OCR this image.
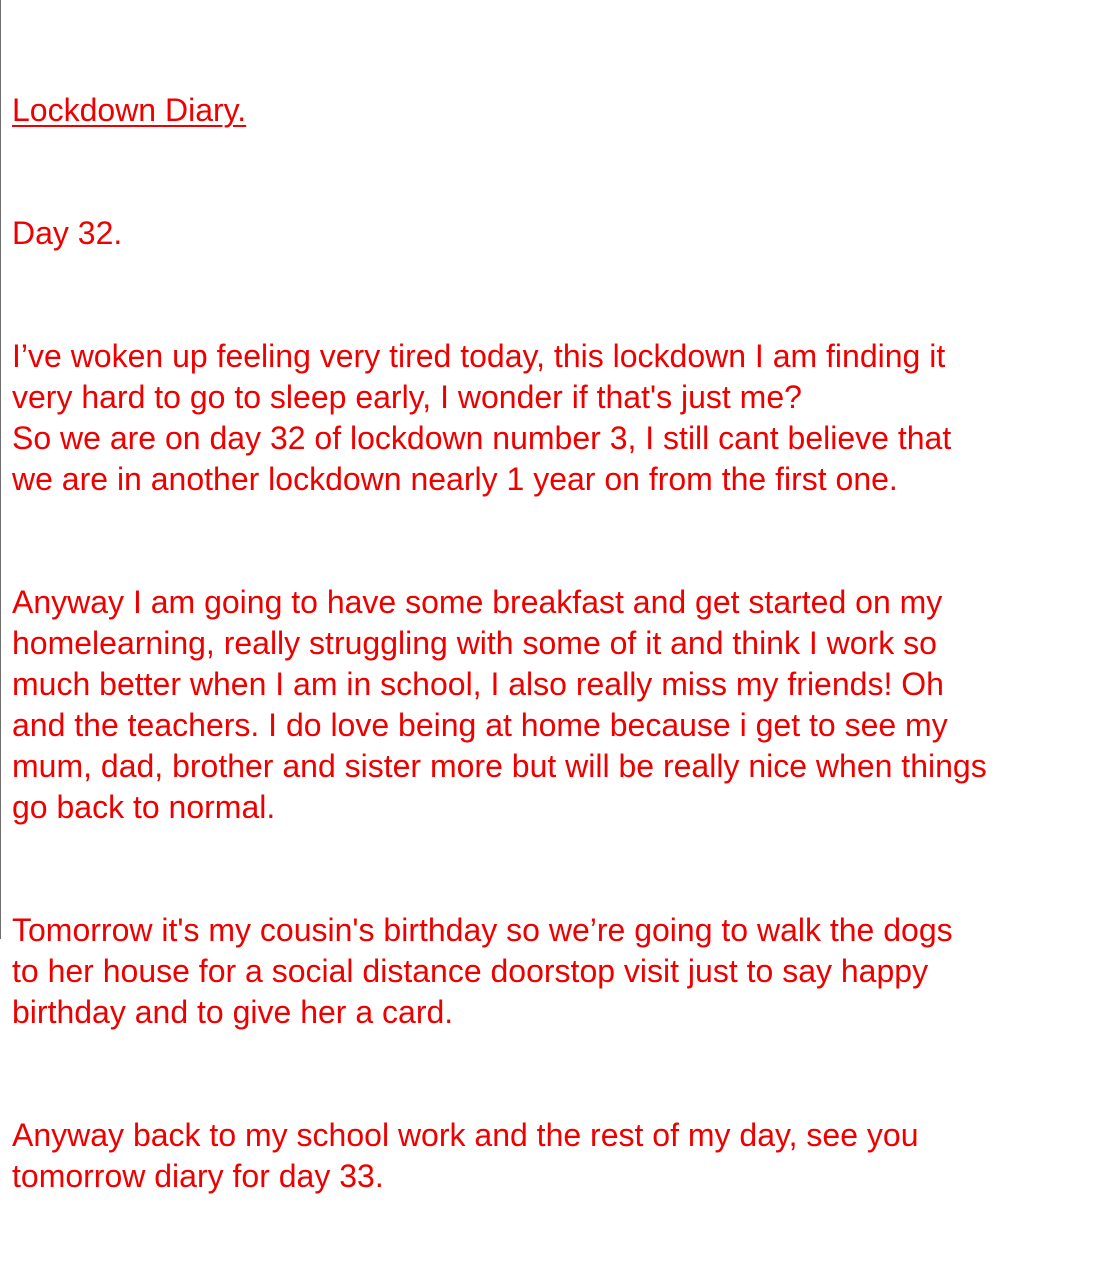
Lockdown Diary.

Day 32.

I’ve woken up feeling very tired today, this lockdown I am finding it
very hard to go to sleep early, I wonder if that's just me?
So we are on day 32 of lockdown number 3, I still cant believe that
we are in another lockdown nearly 1 year on from the first one.

Anyway I am going to have some breakfast and get started on my
homelearning, really struggling with some of it and think I work so
much better when I am in school, I also really miss my friends! Oh
and the teachers. I do love being at home because i get to see my
mum, dad, brother and sister more but will be really nice when things
go back to normal.

Tomorrow it's my cousin's birthday so we’re going to walk the dogs
to her house for a social distance doorstop visit just to say happy
birthday and to give her a card.

Anyway back to my school work and the rest of my day, see you
tomorrow diary for day 33.
